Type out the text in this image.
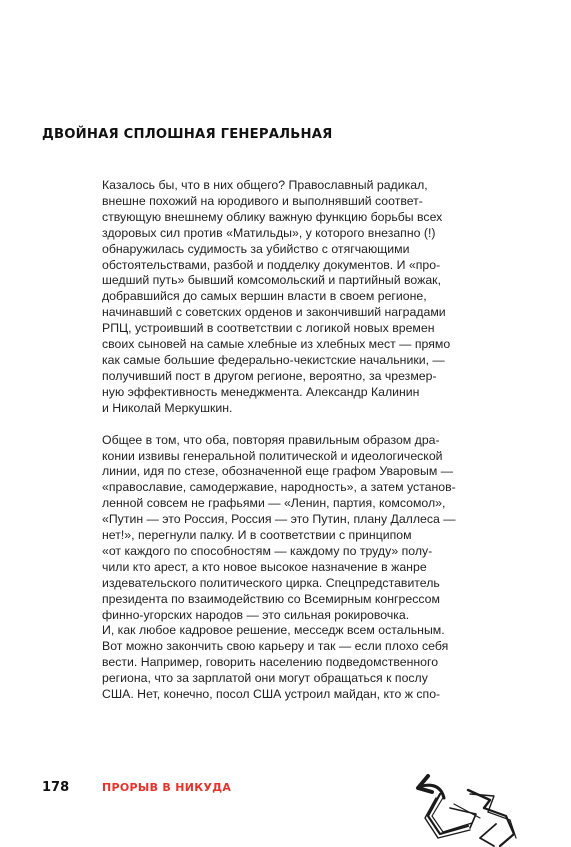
ДВОЙНАЯ СПЛОШНАЯ ГЕНЕРАЛЬНАЯ
Казалось бы, что в них общего? Православный радикал,
внешне похожий на юродивого и выполнявший соответ-
ствующую внешнему облику важную функцию борьбы всех
здоровых сил против «Матильды», у которого внезапно (!)
обнаружилась судимость за убийство с отягчающими
обстоятельствами, разбой и подделку документов. И «про-
шедший путь» бывший комсомольский и партийный вожак,
добравшийся до самых вершин власти в своем регионе,
начинавший с советских орденов и закончивший наградами
РПЦ, устроивший в соответствии с логикой новых времен
своих сыновей на самые хлебные из хлебных мест — прямо
как самые большие федерально-чекистские начальники, —
получивший пост в другом регионе, вероятно, за чрезмер-
ную эффективность менеджмента. Александр Калинин
и Николай Меркушкин.
Общее в том, что оба, повторяя правильным образом дра-
конии извивы генеральной политической и идеологической
линии, идя по стезе, обозначенной еще графом Уваровым —
«православие, самодержавие, народность», а затем установ-
ленной совсем не графьями — «Ленин, партия, комсомол»,
«Путин — это Россия, Россия — это Путин, плану Даллеса —
нет!», перегнули палку. И в соответствии с принципом
«от каждого по способностям — каждому по труду» полу-
чили кто арест, а кто новое высокое назначение в жанре
издевательского политического цирка. Спецпредставитель
президента по взаимодействию со Всемирным конгрессом
финно-угорских народов — это сильная рокировочка.
И, как любое кадровое решение, месседж всем остальным.
Вот можно закончить свою карьеру и так — если плохо себя
вести. Например, говорить населению подведомственного
региона, что за зарплатой они могут обращаться к послу
США. Нет, конечно, посол США устроил майдан, кто ж спо-
178	ПРОРЫВ В НИКУДА
